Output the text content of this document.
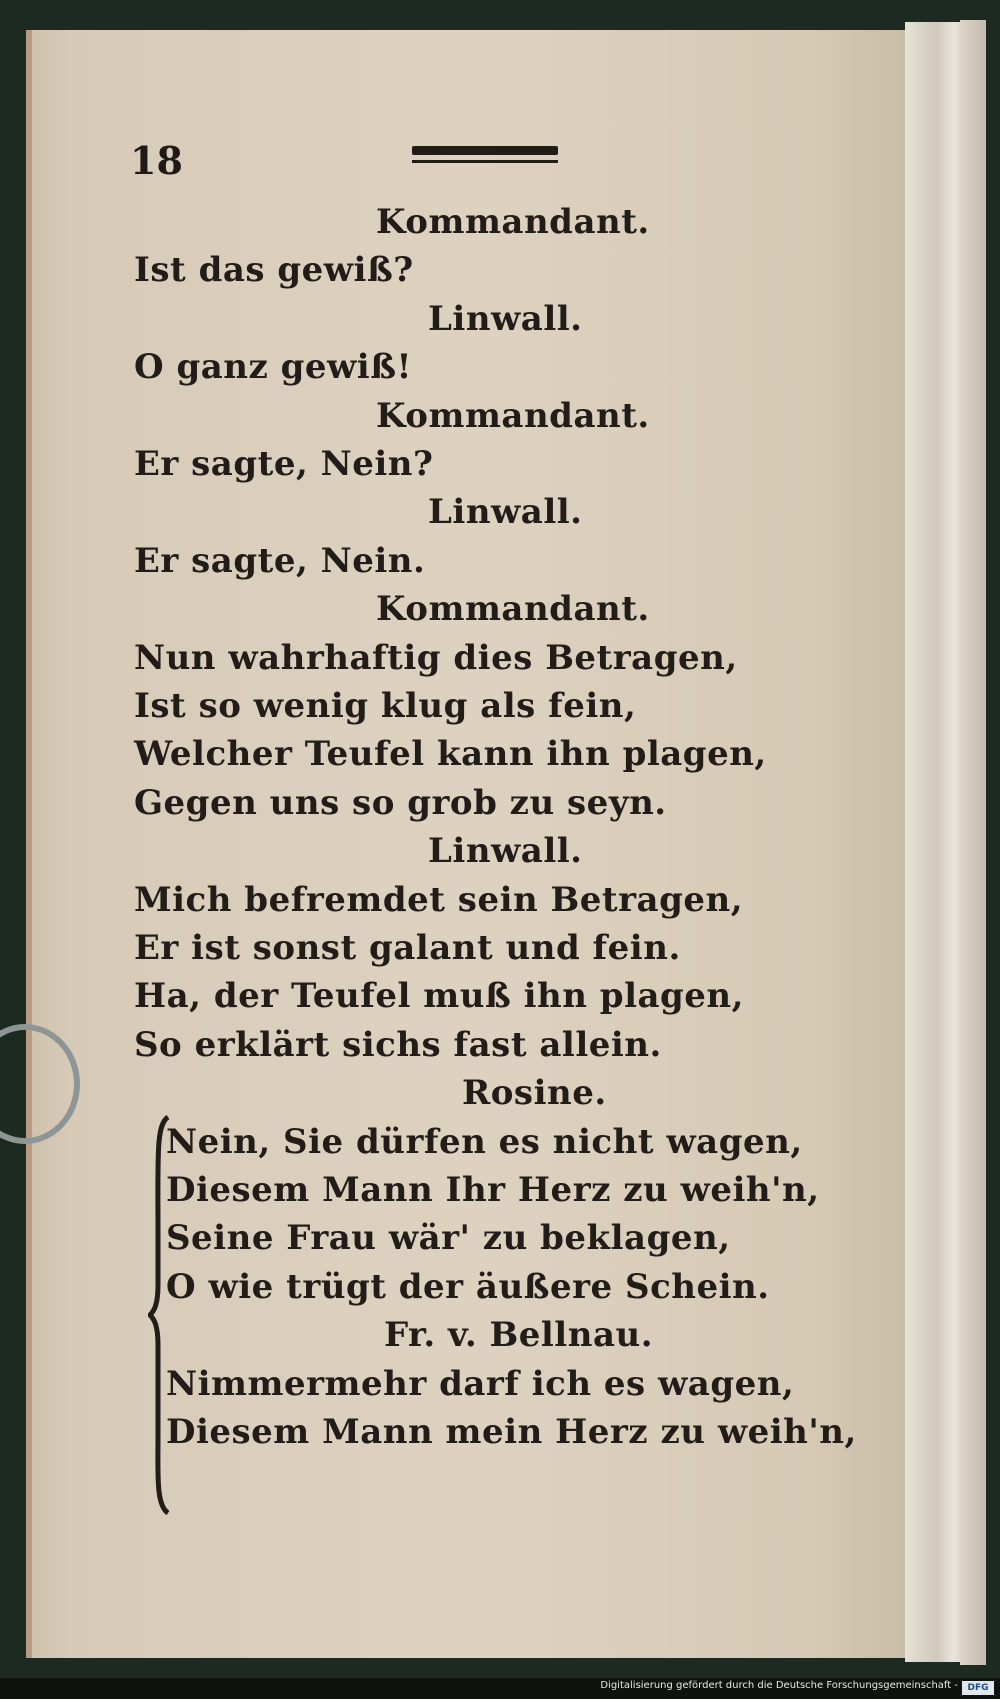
18
Kommandant.
Ist das gewiß?
Linwall.
O ganz gewiß!
Kommandant.
Er sagte, Nein?
Linwall.
Er sagte, Nein.
Kommandant.
Nun wahrhaftig dies Betragen,
Ist so wenig klug als fein,
Welcher Teufel kann ihn plagen,
Gegen uns so grob zu seyn.
Linwall.
Mich befremdet sein Betragen,
Er ist sonst galant und fein.
Ha, der Teufel muß ihn plagen,
So erklärt sichs fast allein.
Rosine.
Nein, Sie dürfen es nicht wagen,
Diesem Mann Ihr Herz zu weih'n,
Seine Frau wär' zu beklagen,
O wie trügt der äußere Schein.
Fr. v. Bellnau.
Nimmermehr darf ich es wagen,
Diesem Mann mein Herz zu weih'n,
Digitalisierung gefördert durch die Deutsche Forschungsgemeinschaft -	DFG
